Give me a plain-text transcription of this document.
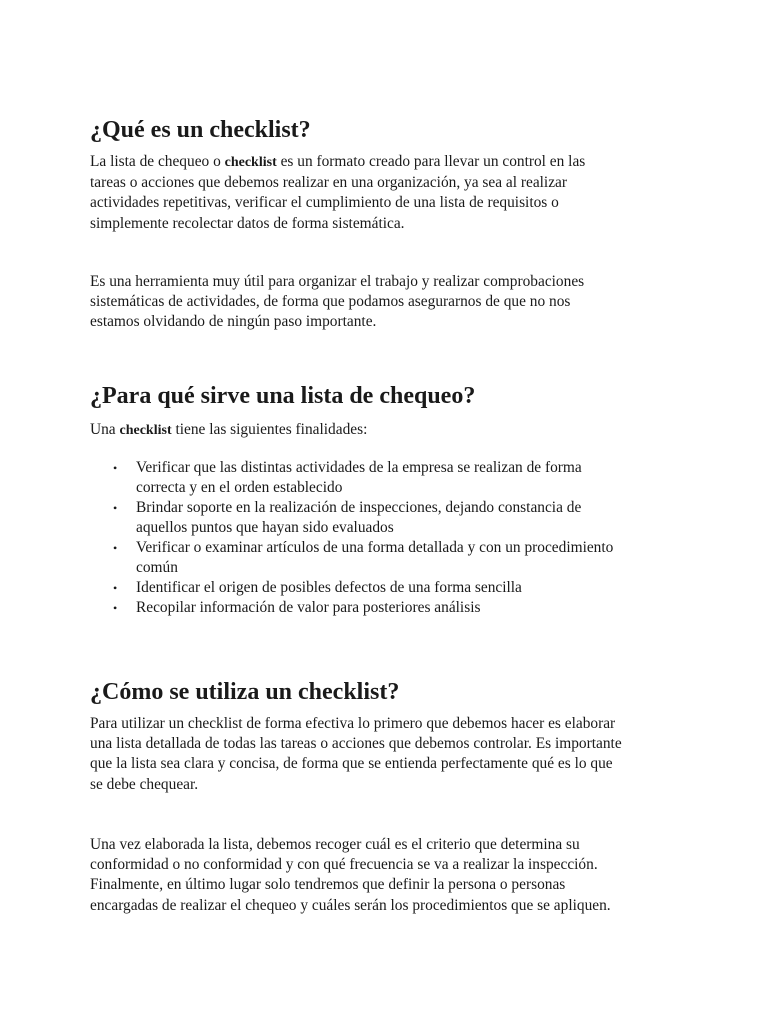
¿Qué es un checklist?

La lista de chequeo o checklist es un formato creado para llevar un control en las
tareas o acciones que debemos realizar en una organización, ya sea al realizar
actividades repetitivas, verificar el cumplimiento de una lista de requisitos o
simplemente recolectar datos de forma sistemática.

Es una herramienta muy útil para organizar el trabajo y realizar comprobaciones
sistemáticas de actividades, de forma que podamos asegurarnos de que no nos
estamos olvidando de ningún paso importante.

¿Para qué sirve una lista de chequeo?

Una checklist tiene las siguientes finalidades:

• Verificar que las distintas actividades de la empresa se realizan de forma
correcta y en el orden establecido
• Brindar soporte en la realización de inspecciones, dejando constancia de
aquellos puntos que hayan sido evaluados
• Verificar o examinar artículos de una forma detallada y con un procedimiento
común
• Identificar el origen de posibles defectos de una forma sencilla
• Recopilar información de valor para posteriores análisis
¿Cómo se utiliza un checklist?

Para utilizar un checklist de forma efectiva lo primero que debemos hacer es elaborar
una lista detallada de todas las tareas o acciones que debemos controlar. Es importante
que la lista sea clara y concisa, de forma que se entienda perfectamente qué es lo que
se debe chequear.

Una vez elaborada la lista, debemos recoger cuál es el criterio que determina su
conformidad o no conformidad y con qué frecuencia se va a realizar la inspección.
Finalmente, en último lugar solo tendremos que definir la persona o personas
encargadas de realizar el chequeo y cuáles serán los procedimientos que se apliquen.
